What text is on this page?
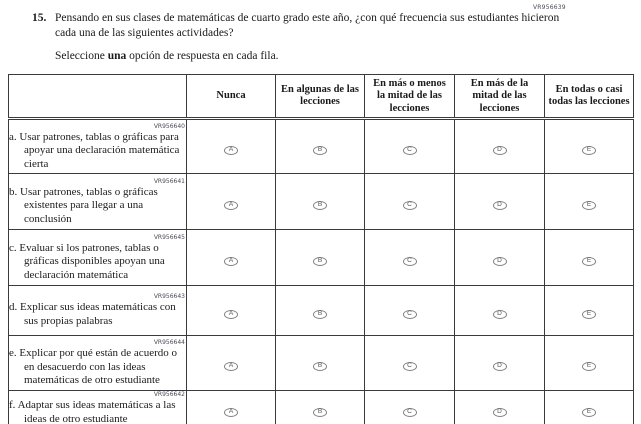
VR956639
15. Pensando en sus clases de matemáticas de cuarto grado este año, ¿con qué frecuencia sus estudiantes hicieron cada una de las siguientes actividades?
Seleccione una opción de respuesta en cada fila.
	Nunca	En algunas de las lecciones	En más o menos la mitad de las lecciones	En más de la mitad de las lecciones	En todas o casi todas las lecciones

VR956640
a. Usar patrones, tablas o gráficas para apoyar una declaración matemática cierta	A	B	C	D	E

VR956641
b. Usar patrones, tablas o gráficas existentes para llegar a una conclusión	A	B	C	D	E

VR956645
c. Evaluar si los patrones, tablas o gráficas disponibles apoyan una declaración matemática	A	B	C	D	E

VR956643
d. Explicar sus ideas matemáticas con sus propias palabras	A	B	C	D	E

VR956644
e. Explicar por qué están de acuerdo o en desacuerdo con las ideas matemáticas de otro estudiante	A	B	C	D	E

VR956642
f. Adaptar sus ideas matemáticas a las ideas de otro estudiante	A	B	C	D	E
